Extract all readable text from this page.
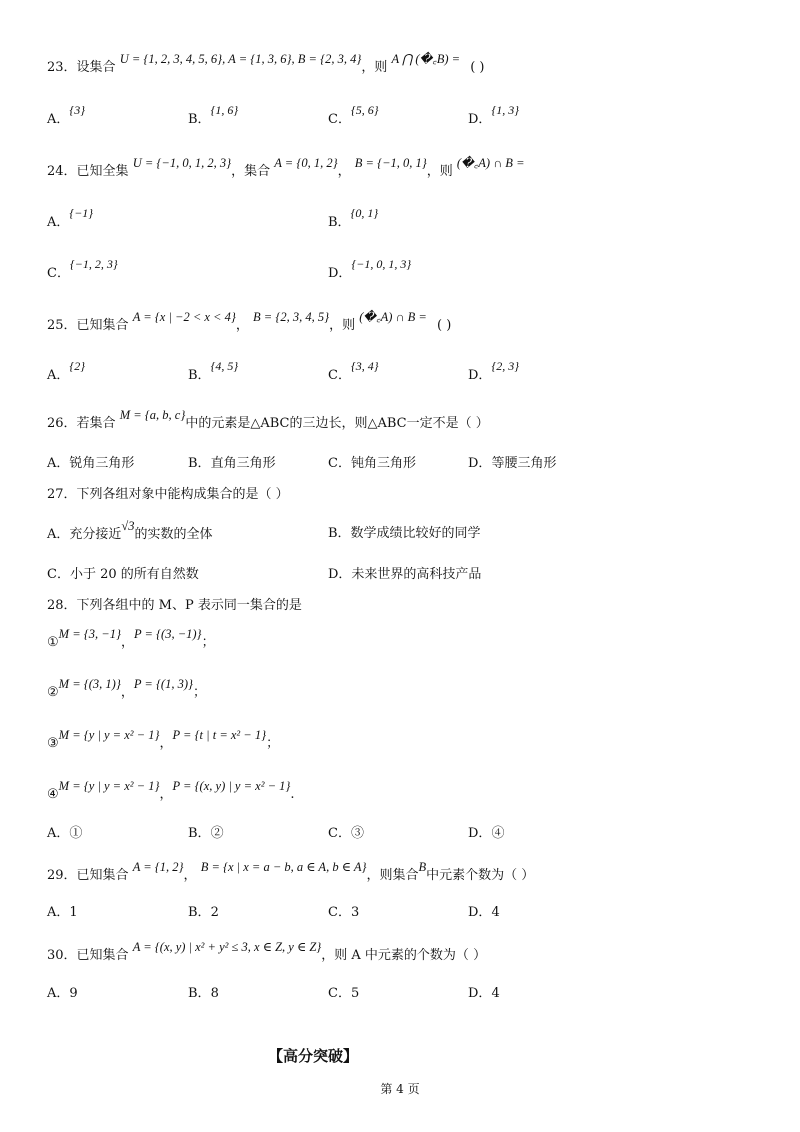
23．设集合 U = {1, 2, 3, 4, 5, 6}, A = {1, 3, 6}, B = {2, 3, 4}，则 A ⋂ (�꜀B) = ( )
A．{3}
B．{1, 6}
C．{5, 6}
D．{1, 3}
24．已知全集 U = {−1, 0, 1, 2, 3}，集合 A = {0, 1, 2}， B = {−1, 0, 1}，则 (�꜀A) ∩ B =
A．{−1}
B．{0, 1}
C．{−1, 2, 3}
D．{−1, 0, 1, 3}
25．已知集合 A = {x | −2 < x < 4}， B = {2, 3, 4, 5}，则 (�꜀A) ∩ B = ( )
A．{2}
B．{4, 5}
C．{3, 4}
D．{2, 3}
26．若集合 M = {a, b, c}中的元素是△ABC的三边长，则△ABC一定不是（ ）
A．锐角三角形	B．直角三角形	C．钝角三角形	D．等腰三角形
27．下列各组对象中能构成集合的是（ ）
A．充分接近√3的实数的全体	B．数学成绩比较好的同学
C．小于 20 的所有自然数	D．未来世界的高科技产品
28．下列各组中的 M、P 表示同一集合的是
①M = {3, −1}，P = {(3, −1)}；
②M = {(3, 1)}，P = {(1, 3)}；
③M = {y | y = x² − 1}，P = {t | t = x² − 1}；
④M = {y | y = x² − 1}，P = {(x, y) | y = x² − 1}.
A．①	B．②	C．③	D．④
29．已知集合 A = {1, 2}， B = {x | x = a − b, a ∈ A, b ∈ A}，则集合B中元素个数为（ ）
A．1	B．2	C．3	D．4
30．已知集合 A = {(x, y) | x² + y² ≤ 3, x ∈ Z, y ∈ Z}，则 A 中元素的个数为（ ）
A．9	B．8	C．5	D．4
【高分突破】
第 4 页
